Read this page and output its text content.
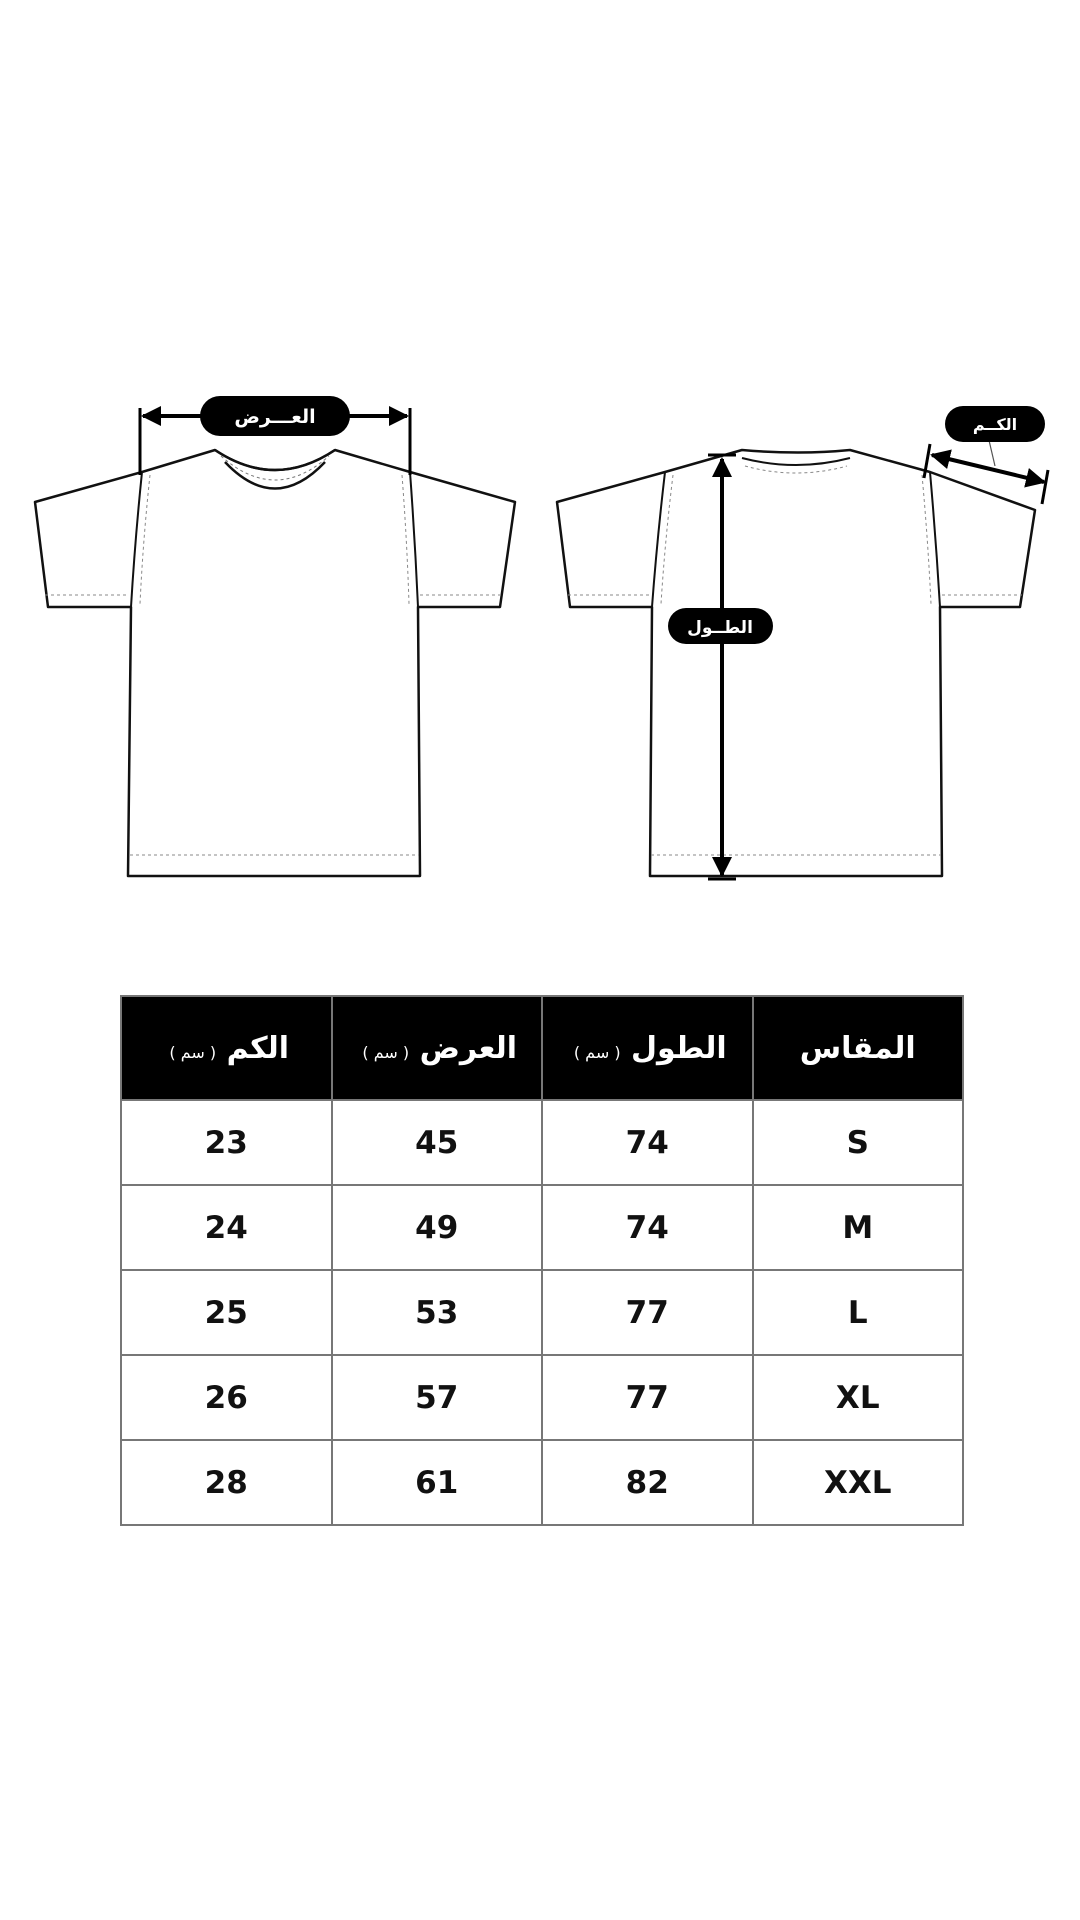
العـــرض
الطــول
الكــم
الكم ( سم )	العرض ( سم )	الطول ( سم )	المقاس
23	45	74	S
24	49	74	M
25	53	77	L
26	57	77	XL
28	61	82	XXL
